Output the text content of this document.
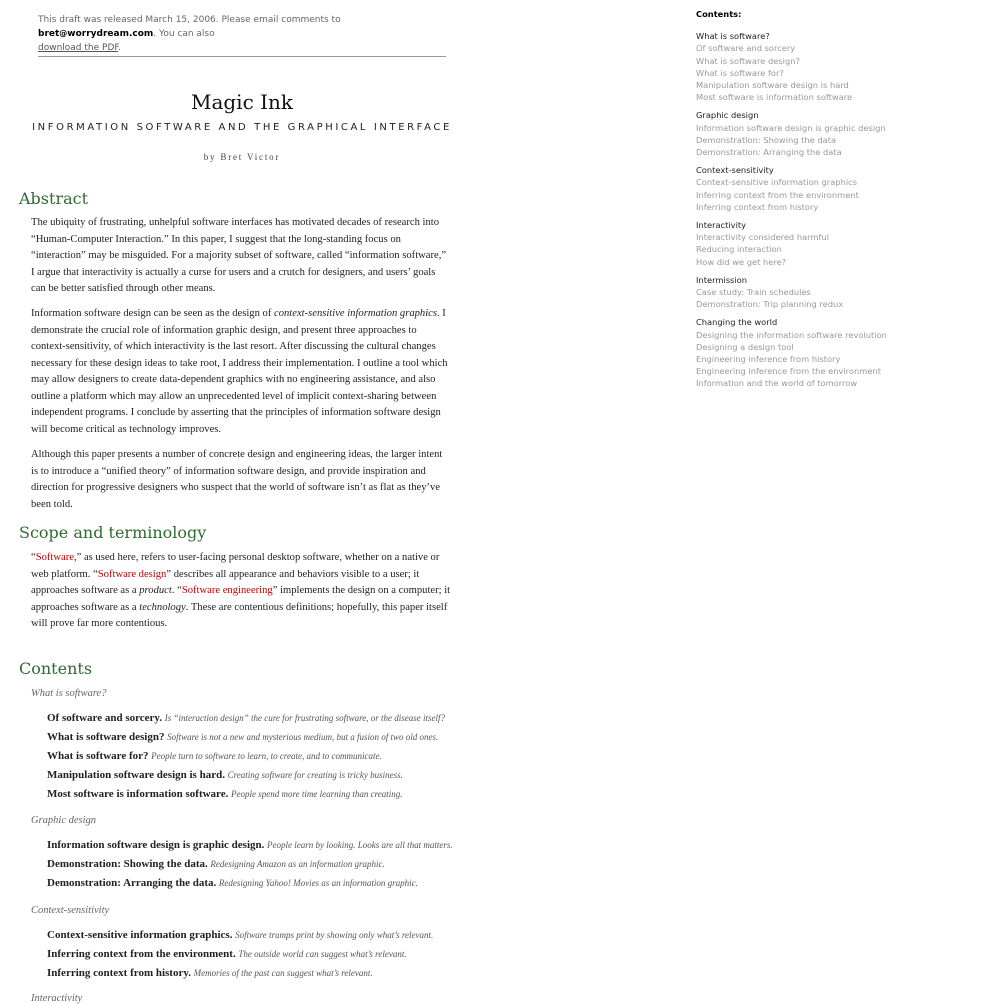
This draft was released March 15, 2006. Please email comments to bret@worrydream.com. You can also
download the PDF.
Magic Ink
INFORMATION SOFTWARE AND THE GRAPHICAL INTERFACE
by Bret Victor
Abstract

The ubiquity of frustrating, unhelpful software interfaces has motivated decades of research into “Human-Computer Interaction.” In this paper, I suggest that the long-standing focus on “interaction” may be misguided. For a majority subset of software, called “information software,” I argue that interactivity is actually a curse for users and a crutch for designers, and users’ goals can be better satisfied through other means.

Information software design can be seen as the design of context-sensitive information graphics. I demonstrate the crucial role of information graphic design, and present three approaches to context-sensitivity, of which interactivity is the last resort. After discussing the cultural changes necessary for these design ideas to take root, I address their implementation. I outline a tool which may allow designers to create data-dependent graphics with no engineering assistance, and also outline a platform which may allow an unprecedented level of implicit context-sharing between independent programs. I conclude by asserting that the principles of information software design will become critical as technology improves.

Although this paper presents a number of concrete design and engineering ideas, the larger intent is to introduce a “unified theory” of information software design, and provide inspiration and direction for progressive designers who suspect that the world of software isn’t as flat as they’ve been told.

Scope and terminology

“Software,” as used here, refers to user-facing personal desktop software, whether on a native or web platform. “Software design” describes all appearance and behaviors visible to a user; it approaches software as a product. “Software engineering” implements the design on a computer; it approaches software as a technology. These are contentious definitions; hopefully, this paper itself will prove far more contentious.

Contents
What is software?
Of software and sorcery. Is “interaction design” the cure for frustrating software, or the disease itself?
What is software design? Software is not a new and mysterious medium, but a fusion of two old ones.
What is software for? People turn to software to learn, to create, and to communicate.
Manipulation software design is hard. Creating software for creating is tricky business.
Most software is information software. People spend more time learning than creating.
Graphic design
Information software design is graphic design. People learn by looking. Looks are all that matters.
Demonstration: Showing the data. Redesigning Amazon as an information graphic.
Demonstration: Arranging the data. Redesigning Yahoo! Movies as an information graphic.
Context-sensitivity
Context-sensitive information graphics. Software trumps print by showing only what’s relevant.
Inferring context from the environment. The outside world can suggest what’s relevant.
Inferring context from history. Memories of the past can suggest what’s relevant.
Interactivity
Contents:
What is software?
Of software and sorcery
What is software design?
What is software for?
Manipulation software design is hard
Most software is information software
Graphic design
Information software design is graphic design
Demonstration: Showing the data
Demonstration: Arranging the data
Context-sensitivity
Context-sensitive information graphics
Inferring context from the environment
Inferring context from history
Interactivity
Interactivity considered harmful
Reducing interaction
How did we get here?
Intermission
Case study: Train schedules
Demonstration: Trip planning redux
Changing the world
Designing the information software revolution
Designing a design tool
Engineering inference from history
Engineering inference from the environment
Information and the world of tomorrow
